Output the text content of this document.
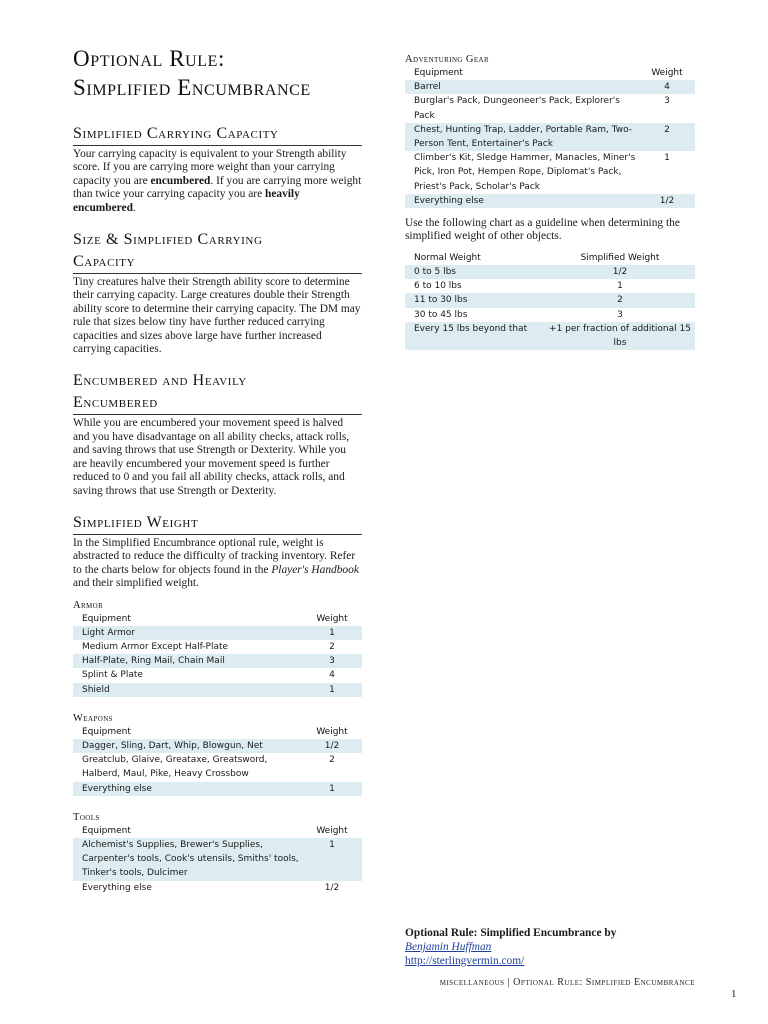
Optional Rule:
Simplified Encumbrance
Simplified Carrying Capacity

Your carrying capacity is equivalent to your Strength ability score. If you are carrying more weight than your carrying capacity you are encumbered. If you are carrying more weight than twice your carrying capacity you are heavily encumbered.

Size & Simplified Carrying
Capacity

Tiny creatures halve their Strength ability score to determine their carrying capacity. Large creatures double their Strength ability score to determine their carrying capacity. The DM may rule that sizes below tiny have further reduced carrying capacities and sizes above large have further increased carrying capacities.

Encumbered and Heavily
Encumbered

While you are encumbered your movement speed is halved and you have disadvantage on all ability checks, attack rolls, and saving throws that use Strength or Dexterity. While you are heavily encumbered your movement speed is further reduced to 0 and you fail all ability checks, attack rolls, and saving throws that use Strength or Dexterity.

Simplified Weight

In the Simplified Encumbrance optional rule, weight is abstracted to reduce the difficulty of tracking inventory. Refer to the charts below for objects found in the Player's Handbook and their simplified weight.

Armor
Equipment	Weight
Light Armor	1
Medium Armor Except Half-Plate	2
Half-Plate, Ring Mail, Chain Mail	3
Splint & Plate	4
Shield	1
Weapons
Equipment	Weight
Dagger, Sling, Dart, Whip, Blowgun, Net	1/2
Greatclub, Glaive, Greataxe, Greatsword, Halberd, Maul, Pike, Heavy Crossbow	2
Everything else	1
Tools
Equipment	Weight
Alchemist's Supplies, Brewer's Supplies, Carpenter's tools, Cook's utensils, Smiths' tools, Tinker's tools, Dulcimer	1
Everything else	1/2
Adventuring Gear
Equipment	Weight
Barrel	4
Burglar's Pack, Dungeoneer's Pack, Explorer's Pack	3
Chest, Hunting Trap, Ladder, Portable Ram, Two-Person Tent, Entertainer's Pack	2
Climber's Kit, Sledge Hammer, Manacles, Miner's Pick, Iron Pot, Hempen Rope, Diplomat's Pack, Priest's Pack, Scholar's Pack	1
Everything else	1/2

Use the following chart as a guideline when determining the simplified weight of other objects.

Normal Weight	Simplified Weight
0 to 5 lbs	1/2
6 to 10 lbs	1
11 to 30 lbs	2
30 to 45 lbs	3
Every 15 lbs beyond that	+1 per fraction of additional 15 lbs
Optional Rule: Simplified Encumbrance by
Benjamin Huffman
http://sterlingvermin.com/
miscellaneous | Optional Rule: Simplified Encumbrance
1
